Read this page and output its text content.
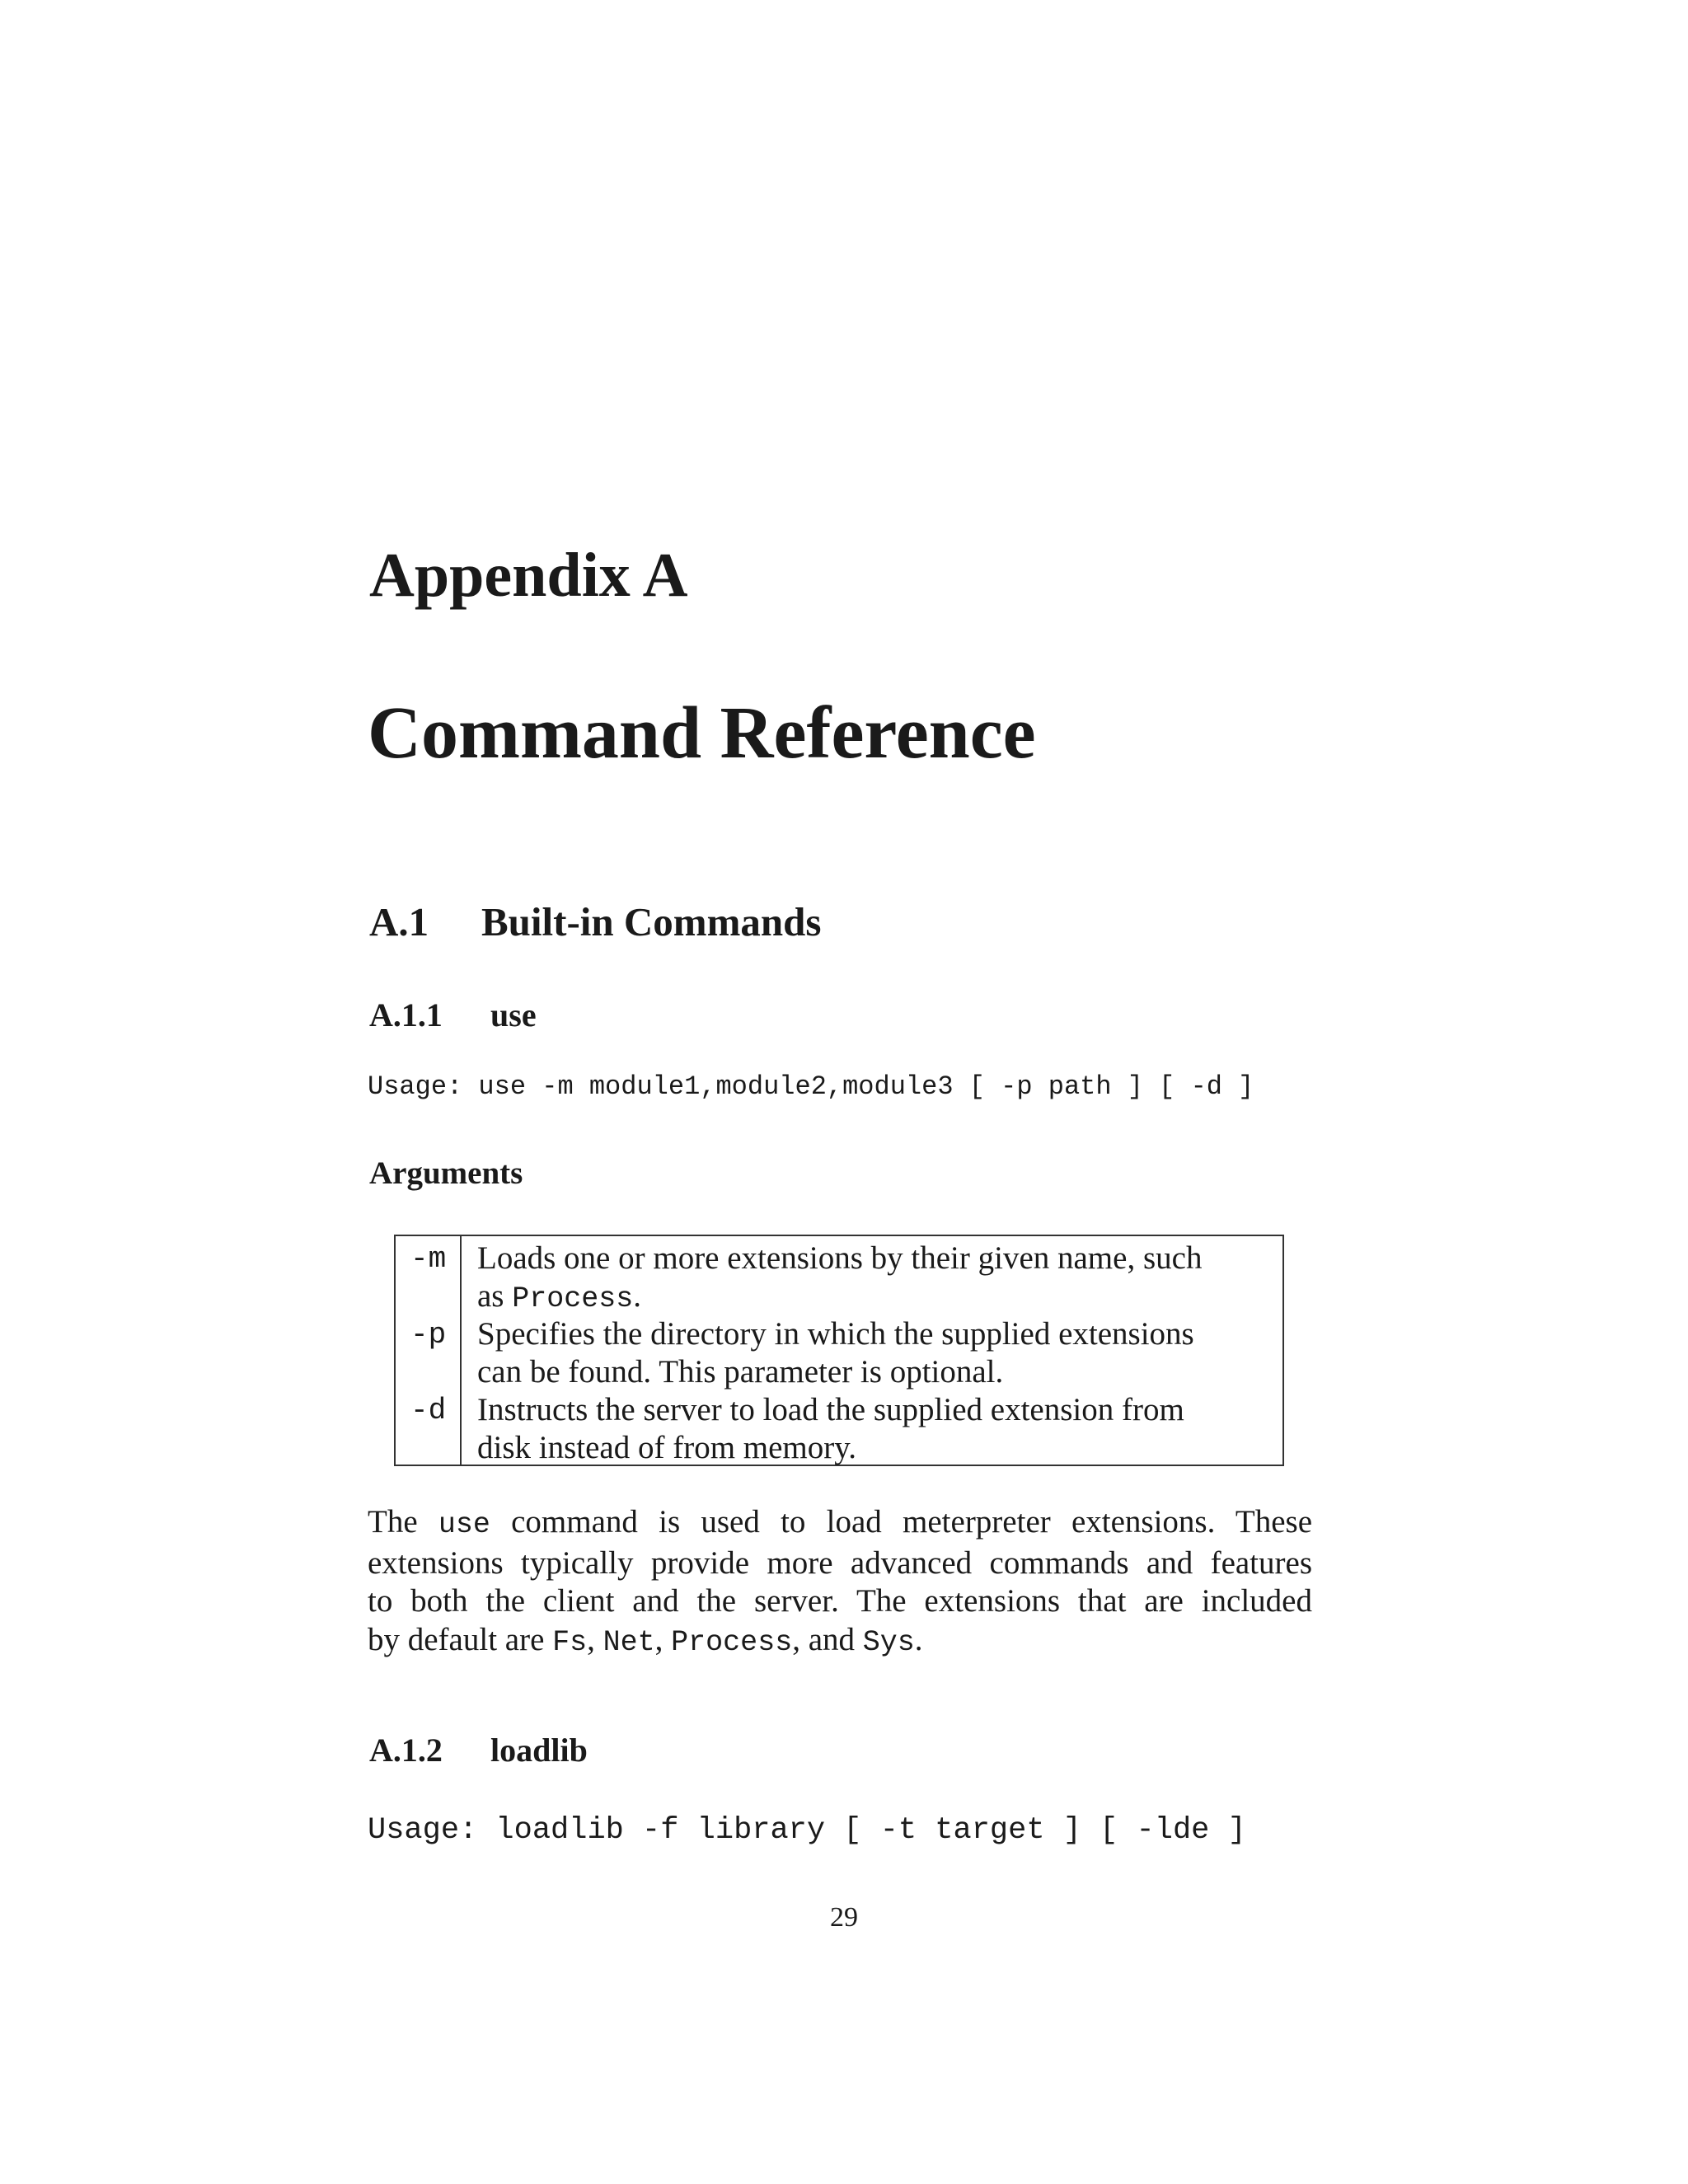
Appendix A
Command Reference
A.1 Built-in Commands
A.1.1 use
Usage: use -m module1,module2,module3 [ -p path ] [ -d ]
Arguments
-m Loads one or more extensions by their given name, such
as Process.
-p Specifies the directory in which the supplied extensions
can be found. This parameter is optional.
-d Instructs the server to load the supplied extension from
disk instead of from memory.
The use command is used to load meterpreter extensions. These
extensions typically provide more advanced commands and features
to both the client and the server. The extensions that are included
by default are Fs, Net, Process, and Sys.
A.1.2 loadlib
Usage: loadlib -f library [ -t target ] [ -lde ]
29
